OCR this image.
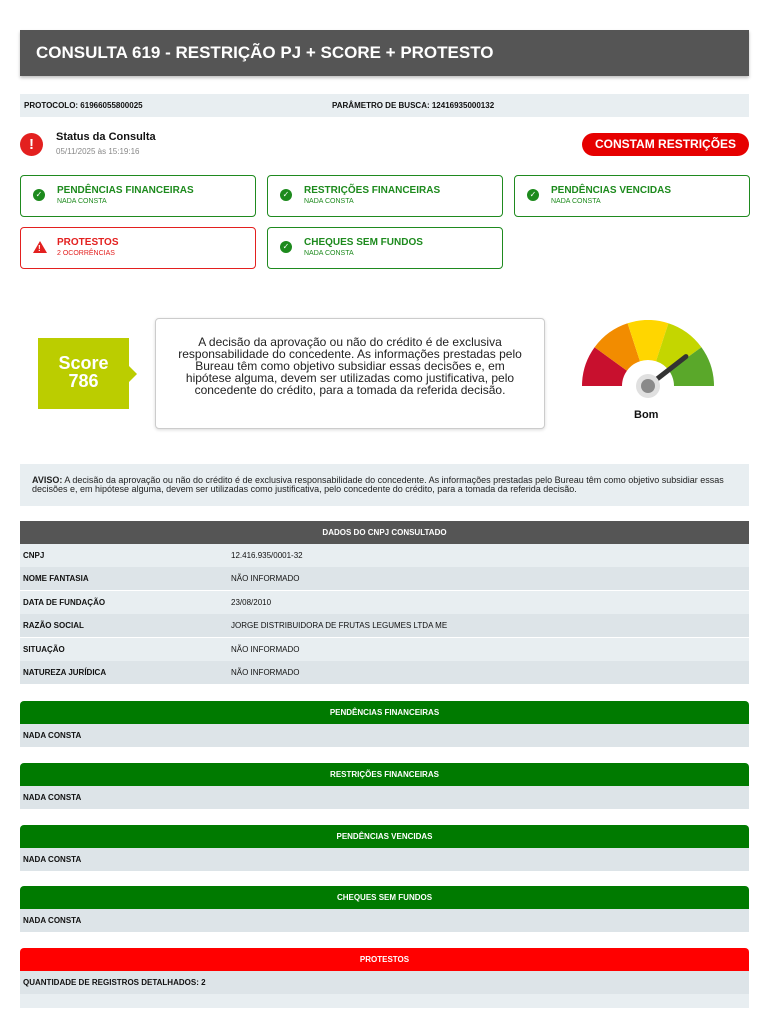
CONSULTA 619 - RESTRIÇÃO PJ + SCORE + PROTESTO
PROTOCOLO: 61966055800025	PARÂMETRO DE BUSCA: 12416935000132
!	Status da Consulta
05/11/2025 às 15:19:16
CONSTAM RESTRIÇÕES
✓ PENDÊNCIAS FINANCEIRAS
NADA CONSTA
✓ RESTRIÇÕES FINANCEIRAS
NADA CONSTA
✓ PENDÊNCIAS VENCIDAS
NADA CONSTA
!
PROTESTOS
2 OCORRÊNCIAS
✓ CHEQUES SEM FUNDOS
NADA CONSTA
Score
786
A decisão da aprovação ou não do crédito é de exclusiva responsabilidade do concedente. As informações prestadas pelo Bureau têm como objetivo subsidiar essas decisões e, em hipótese alguma, devem ser utilizadas como justificativa, pelo concedente do crédito, para a tomada da referida decisão.
Bom
AVISO: A decisão da aprovação ou não do crédito é de exclusiva responsabilidade do concedente. As informações prestadas pelo Bureau têm como objetivo subsidiar essas decisões e, em hipótese alguma, devem ser utilizadas como justificativa, pelo concedente do crédito, para a tomada da referida decisão.
DADOS DO CNPJ CONSULTADO
CNPJ	12.416.935/0001-32
NOME FANTASIA	NÃO INFORMADO
DATA DE FUNDAÇÃO	23/08/2010
RAZÃO SOCIAL	JORGE DISTRIBUIDORA DE FRUTAS LEGUMES LTDA ME
SITUAÇÃO	NÃO INFORMADO
NATUREZA JURÍDICA	NÃO INFORMADO
PENDÊNCIAS FINANCEIRAS
NADA CONSTA
RESTRIÇÕES FINANCEIRAS
NADA CONSTA
PENDÊNCIAS VENCIDAS
NADA CONSTA
CHEQUES SEM FUNDOS
NADA CONSTA
PROTESTOS
QUANTIDADE DE REGISTROS DETALHADOS: 2
